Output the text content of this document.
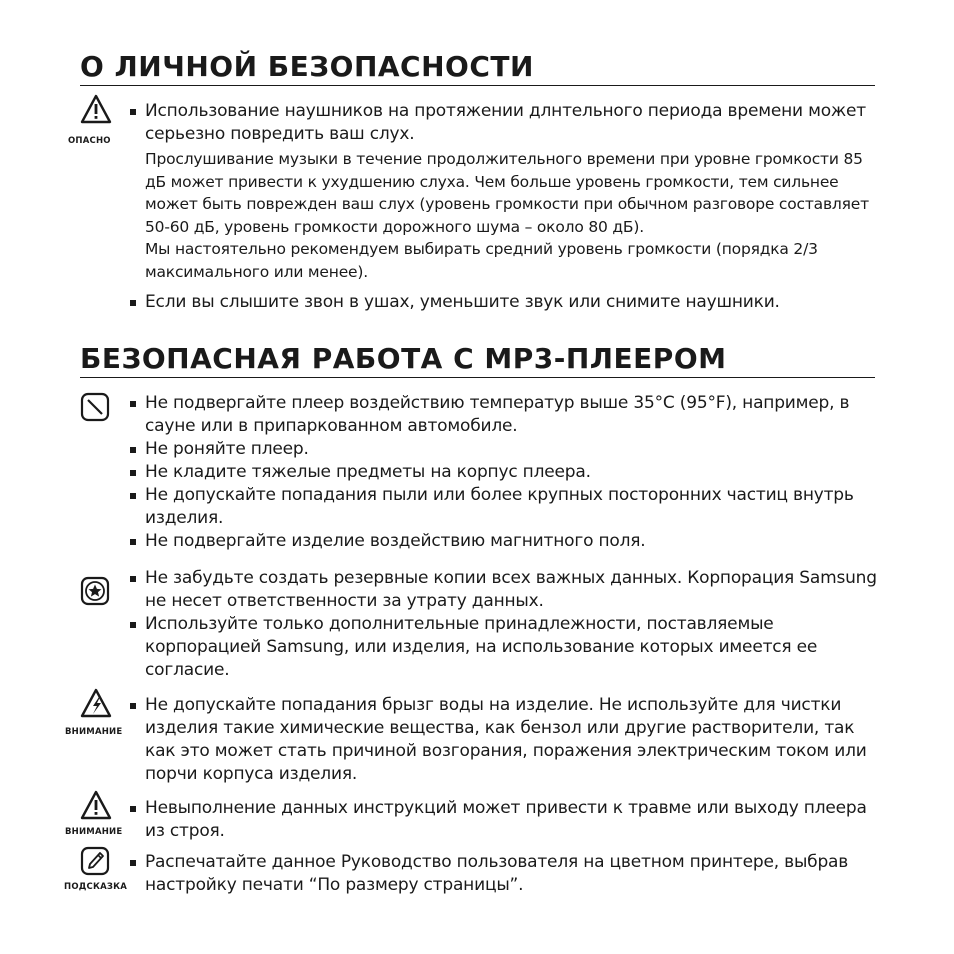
О ЛИЧНОЙ БЕЗОПАСНОСТИ
ОПАСНО
Использование наушников на протяжении длнтельного периода времени может серьезно повредить ваш слух.

Прослушивание музыки в течение продолжительного времени при уровне громкости 85 дБ может привести к ухудшению слуха. Чем больше уровень громкости, тем сильнее может быть поврежден ваш слух (уровень громкости при обычном разговоре составляет 50-60 дБ, уровень громкости дорожного шума – около 80 дБ).

Мы настоятельно рекомендуем выбирать средний уровень громкости (порядка 2/3 максимального или менее).

Если вы слышите звон в ушах, уменьшите звук или снимите наушники.
БЕЗОПАСНАЯ РАБОТА С MP3-ПЛЕЕРОМ
Не подвергайте плеер воздействию температур выше 35°C (95°F), например, в сауне или в припаркованном автомобиле.
Не роняйте плеер.
Не кладите тяжелые предметы на корпус плеера.
Не допускайте попадания пыли или более крупных посторонних частиц внутрь изделия.
Не подвергайте изделие воздействию магнитного поля.
Не забудьте создать резервные копии всех важных данных. Корпорация Samsung не несет ответственности за утрату данных.
Используйте только дополнительные принадлежности, поставляемые корпорацией Samsung, или изделия, на использование которых имеется ее согласие.
ВНИМАНИЕ
Не допускайте попадания брызг воды на изделие. Не используйте для чистки изделия такие химические вещества, как бензол или другие растворители, так как это может стать причиной возгорания, поражения электрическим током или порчи корпуса изделия.
ВНИМАНИЕ
Невыполнение данных инструкций может привести к травме или выходу плеера из строя.
ПОДСКАЗКА
Распечатайте данное Руководство пользователя на цветном принтере, выбрав настройку печати “По размеру страницы”.
